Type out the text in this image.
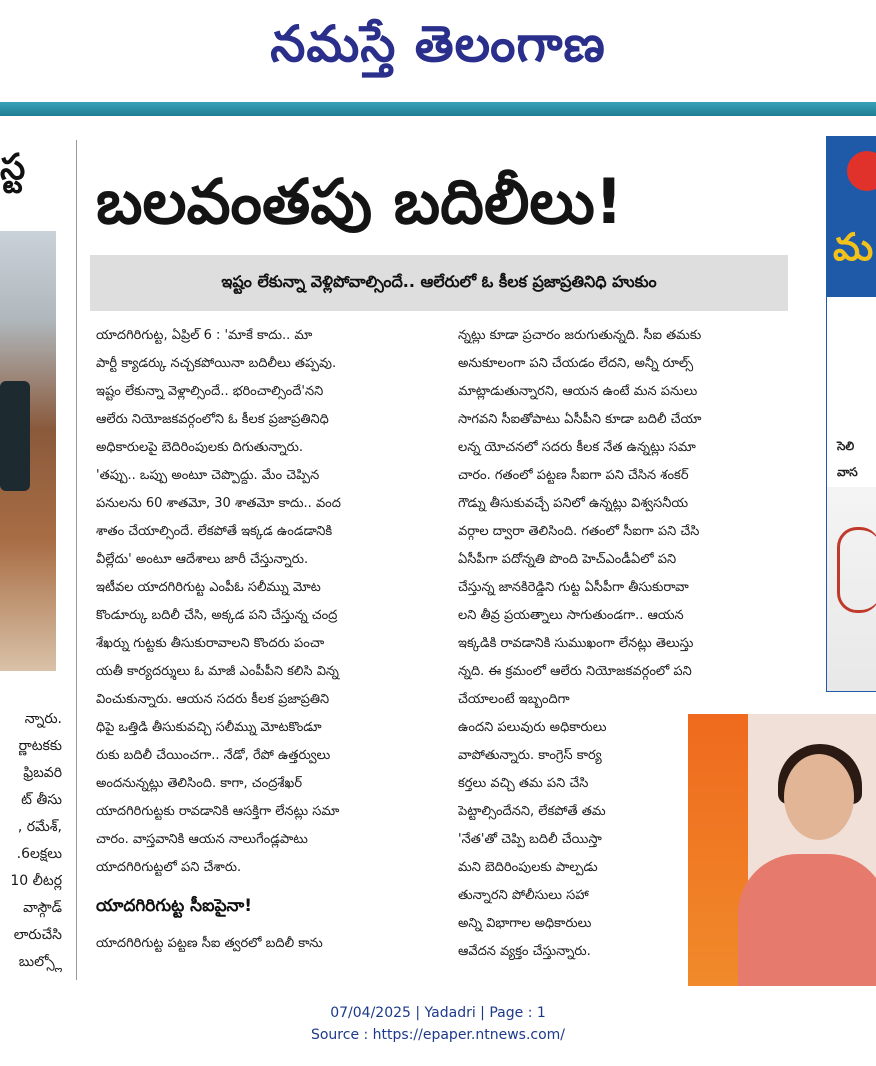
నమస్తే తెలంగాణ
స్ట
న్నారు.
ర్ణాటకకు
ఫ్రిబవరి
ట్ తీసు
, రమేశ్,
.6లక్షలు
10 లీటర్ల
వాస్గౌడ్
లారుచేసి
బుల్స్లో
బలవంతపు బదిలీలు!
ఇష్టం లేకున్నా వెళ్లిపోవాల్సిందే.. ఆలేరులో ఓ కీలక ప్రజాప్రతినిధి హుకుం
యాదగిరిగుట్ట, ఏప్రిల్ 6 : 'మాకే కాదు.. మా
పార్టీ క్యాడర్కు నచ్చకపోయినా బదిలీలు తప్పవు.
ఇష్టం లేకున్నా వెళ్లాల్సిందే.. భరించాల్సిందే'నని
ఆలేరు నియోజకవర్గంలోని ఓ కీలక ప్రజాప్రతినిధి
అధికారులపై బెదిరింపులకు దిగుతున్నారు.
'తప్పు.. ఒప్పు అంటూ చెప్పొద్దు. మేం చెప్పిన
పనులను 60 శాతమో, 30 శాతమో కాదు.. వంద
శాతం చేయాల్సిందే. లేకపోతే ఇక్కడ ఉండడానికి
వీల్లేదు' అంటూ ఆదేశాలు జారీ చేస్తున్నారు.
ఇటీవల యాదగిరిగుట్ట ఎంపీఓ సలీమ్ను మోట
కొండూర్కు బదిలీ చేసి, అక్కడ పని చేస్తున్న చంద్ర
శేఖర్ను గుట్టకు తీసుకురావాలని కొందరు పంచా
యతీ కార్యదర్శులు ఓ మాజీ ఎంపీపీని కలిసి విన్న
వించుకున్నారు. ఆయన సదరు కీలక ప్రజాప్రతిని
ధిపై ఒత్తిడి తీసుకువచ్చి సలీమ్ను మోటకొండూ
రుకు బదిలీ చేయించగా.. నేడో, రేపో ఉత్తర్వులు
అందనున్నట్లు తెలిసింది. కాగా, చంద్రశేఖర్
యాదగిరిగుట్టకు రావడానికి ఆసక్తిగా లేనట్లు సమా
చారం. వాస్తవానికి ఆయన నాలుగేండ్లపాటు
యాదగిరిగుట్టలో పని చేశారు.
యాదగిరిగుట్ట సీఐపైనా!
యాదగిరిగుట్ట పట్టణ సీఐ త్వరలో బదిలీ కాను
న్నట్లు కూడా ప్రచారం జరుగుతున్నది. సీఐ తమకు
అనుకూలంగా పని చేయడం లేదని, అన్నీ రూల్స్
మాట్లాడుతున్నారని, ఆయన ఉంటే మన పనులు
సాగవని సీఐతోపాటు ఏసీపీని కూడా బదిలీ చేయా
లన్న యోచనలో సదరు కీలక నేత ఉన్నట్లు సమా
చారం. గతంలో పట్టణ సీఐగా పని చేసిన శంకర్
గౌడ్ను తీసుకువచ్చే పనిలో ఉన్నట్లు విశ్వసనీయ
వర్గాల ద్వారా తెలిసింది. గతంలో సీఐగా పని చేసి
ఏసీపీగా పదోన్నతి పొంది హెచ్ఎండీఏలో పని
చేస్తున్న జానకిరెడ్డిని గుట్ట ఏసీపీగా తీసుకురావా
లని తీవ్ర ప్రయత్నాలు సాగుతుండగా.. ఆయన
ఇక్కడికి రావడానికి సుముఖంగా లేనట్లు తెలుస్తు
న్నది. ఈ క్రమంలో ఆలేరు నియోజకవర్గంలో పని
చేయాలంటే ఇబ్బందిగా
ఉందని పలువురు అధికారులు
వాపోతున్నారు. కాంగ్రెస్ కార్య
కర్తలు వచ్చి తమ పని చేసి
పెట్టాల్సిందేనని, లేకపోతే తమ
'నేత'తో చెప్పి బదిలీ చేయిస్తా
మని బెదిరింపులకు పాల్పడు
తున్నారని పోలీసులు సహా
అన్ని విభాగాల అధికారులు
ఆవేదన వ్యక్తం చేస్తున్నారు.
మ
సెలి
వాస
07/04/2025 | Yadadri | Page : 1
Source : https://epaper.ntnews.com/
